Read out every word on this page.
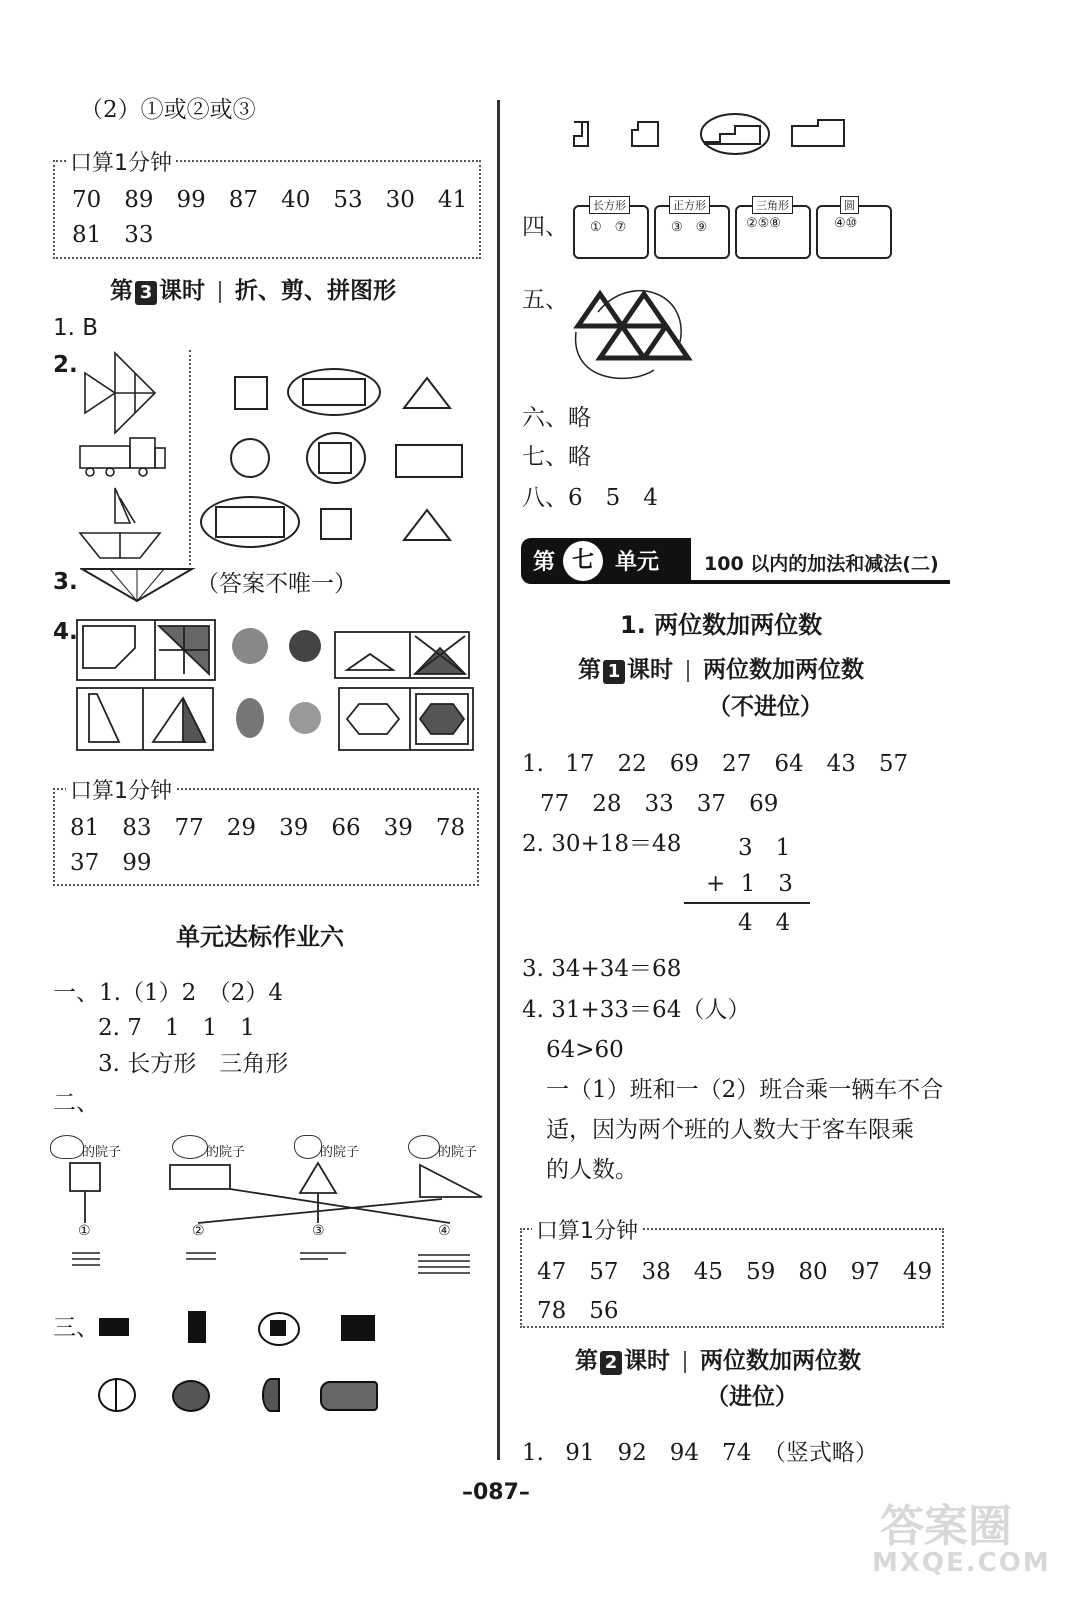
（2）①或②或③
口算1分钟
70　89　99　87　40　53　30　41
81　33
第 3 课时 折、剪、拼图形
1. B
2.
3.	（答案不唯一）
4.
口算1分钟
81　83　77　29　39　66　39　78
37　99
单元达标作业六
一、1.（1）2　（2）4
2. 7　1　1　1
3. 长方形　三角形
二、
的院子	的院子	的院子	的院子
①	②	③	④
三、
四、
长方形
①　⑦
正方形
③　⑨
三角形
②⑤⑧
圆
④⑩
五、
六、略
七、略
八、6　5　4
第 七 单元 100 以内的加法和减法(二)
1. 两位数加两位数
第 1 课时 两位数加两位数
（不进位）
1. 17　22　69　27　64　43　57
77　28　33　37　69
2. 30+18＝48 3　1
+ 1　3
4　4
3. 34+34＝68
4. 31+33＝64（人）
64>60
一（1）班和一（2）班合乘一辆车不合
适，因为两个班的人数大于客车限乘
的人数。
口算1分钟
47　57　38　45　59　80　97　49
78　56
第 2 课时 两位数加两位数
（进位）
1. 91　92　94　74　（竖式略）
–087–
答案圈
MXQE.COM
